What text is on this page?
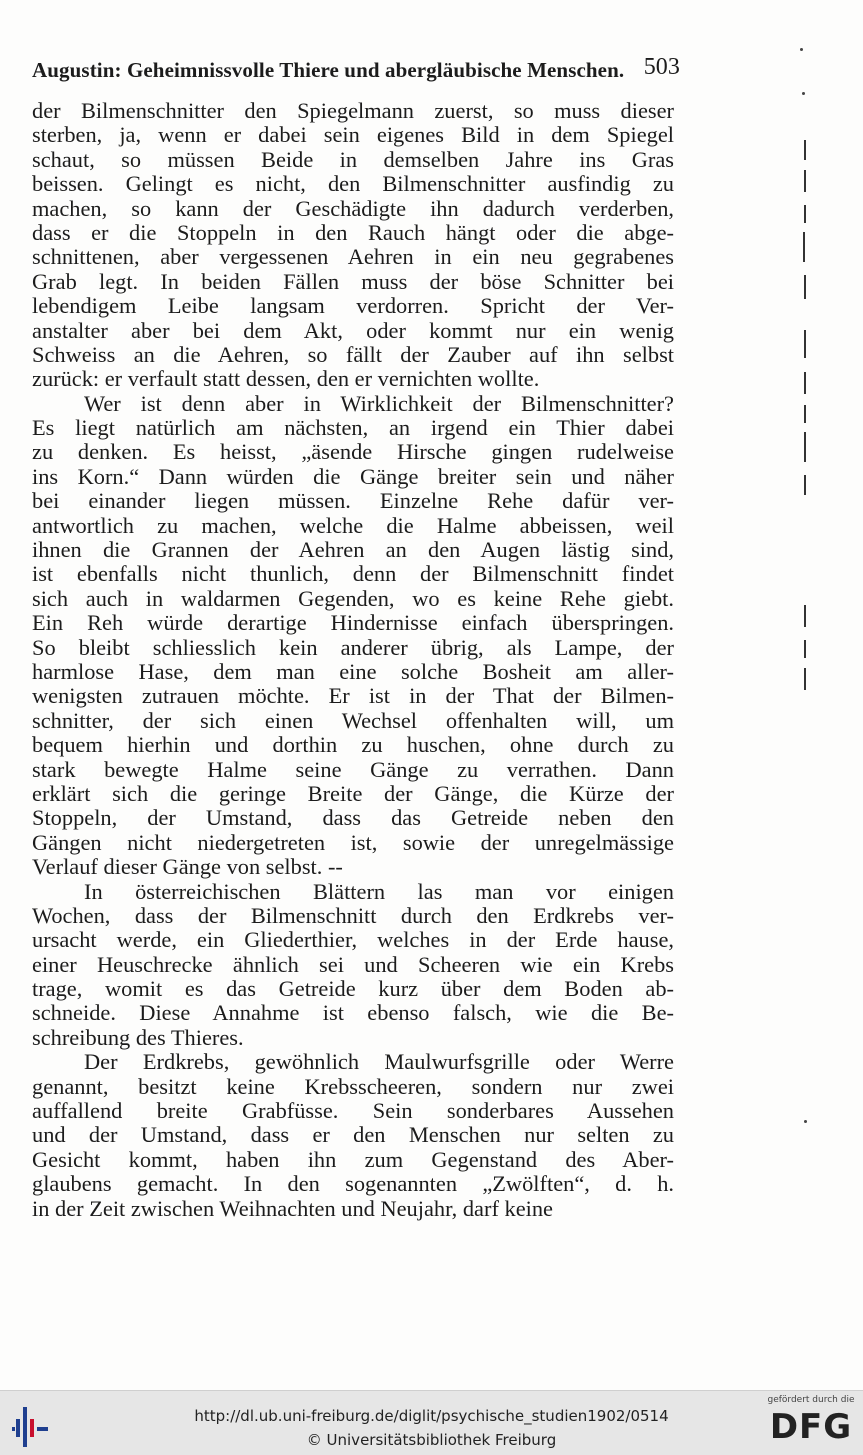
Augustin: Geheimnissvolle Thiere und abergläubische Menschen. 503
der Bilmenschnitter den Spiegelmann zuerst, so muss dieser
sterben, ja, wenn er dabei sein eigenes Bild in dem Spiegel
schaut, so müssen Beide in demselben Jahre ins Gras
beissen. Gelingt es nicht, den Bilmenschnitter ausfindig zu
machen, so kann der Geschädigte ihn dadurch verderben,
dass er die Stoppeln in den Rauch hängt oder die abge-
schnittenen, aber vergessenen Aehren in ein neu gegrabenes
Grab legt. In beiden Fällen muss der böse Schnitter bei
lebendigem Leibe langsam verdorren. Spricht der Ver-
anstalter aber bei dem Akt, oder kommt nur ein wenig
Schweiss an die Aehren, so fällt der Zauber auf ihn selbst
zurück: er verfault statt dessen, den er vernichten wollte.
Wer ist denn aber in Wirklichkeit der Bilmenschnitter?
Es liegt natürlich am nächsten, an irgend ein Thier dabei
zu denken. Es heisst, „äsende Hirsche gingen rudelweise
ins Korn.“ Dann würden die Gänge breiter sein und näher
bei einander liegen müssen. Einzelne Rehe dafür ver-
antwortlich zu machen, welche die Halme abbeissen, weil
ihnen die Grannen der Aehren an den Augen lästig sind,
ist ebenfalls nicht thunlich, denn der Bilmenschnitt findet
sich auch in waldarmen Gegenden, wo es keine Rehe giebt.
Ein Reh würde derartige Hindernisse einfach überspringen.
So bleibt schliesslich kein anderer übrig, als Lampe, der
harmlose Hase, dem man eine solche Bosheit am aller-
wenigsten zutrauen möchte. Er ist in der That der Bilmen-
schnitter, der sich einen Wechsel offenhalten will, um
bequem hierhin und dorthin zu huschen, ohne durch zu
stark bewegte Halme seine Gänge zu verrathen. Dann
erklärt sich die geringe Breite der Gänge, die Kürze der
Stoppeln, der Umstand, dass das Getreide neben den
Gängen nicht niedergetreten ist, sowie der unregelmässige
Verlauf dieser Gänge von selbst. --
In österreichischen Blättern las man vor einigen
Wochen, dass der Bilmenschnitt durch den Erdkrebs ver-
ursacht werde, ein Gliederthier, welches in der Erde hause,
einer Heuschrecke ähnlich sei und Scheeren wie ein Krebs
trage, womit es das Getreide kurz über dem Boden ab-
schneide. Diese Annahme ist ebenso falsch, wie die Be-
schreibung des Thieres.
Der Erdkrebs, gewöhnlich Maulwurfsgrille oder Werre
genannt, besitzt keine Krebsscheeren, sondern nur zwei
auffallend breite Grabfüsse. Sein sonderbares Aussehen
und der Umstand, dass er den Menschen nur selten zu
Gesicht kommt, haben ihn zum Gegenstand des Aber-
glaubens gemacht. In den sogenannten „Zwölften“, d. h.
in der Zeit zwischen Weihnachten und Neujahr, darf keine
http://dl.ub.uni-freiburg.de/diglit/psychische_studien1902/0514
© Universitätsbibliothek Freiburg
gefördert durch die
DFG
